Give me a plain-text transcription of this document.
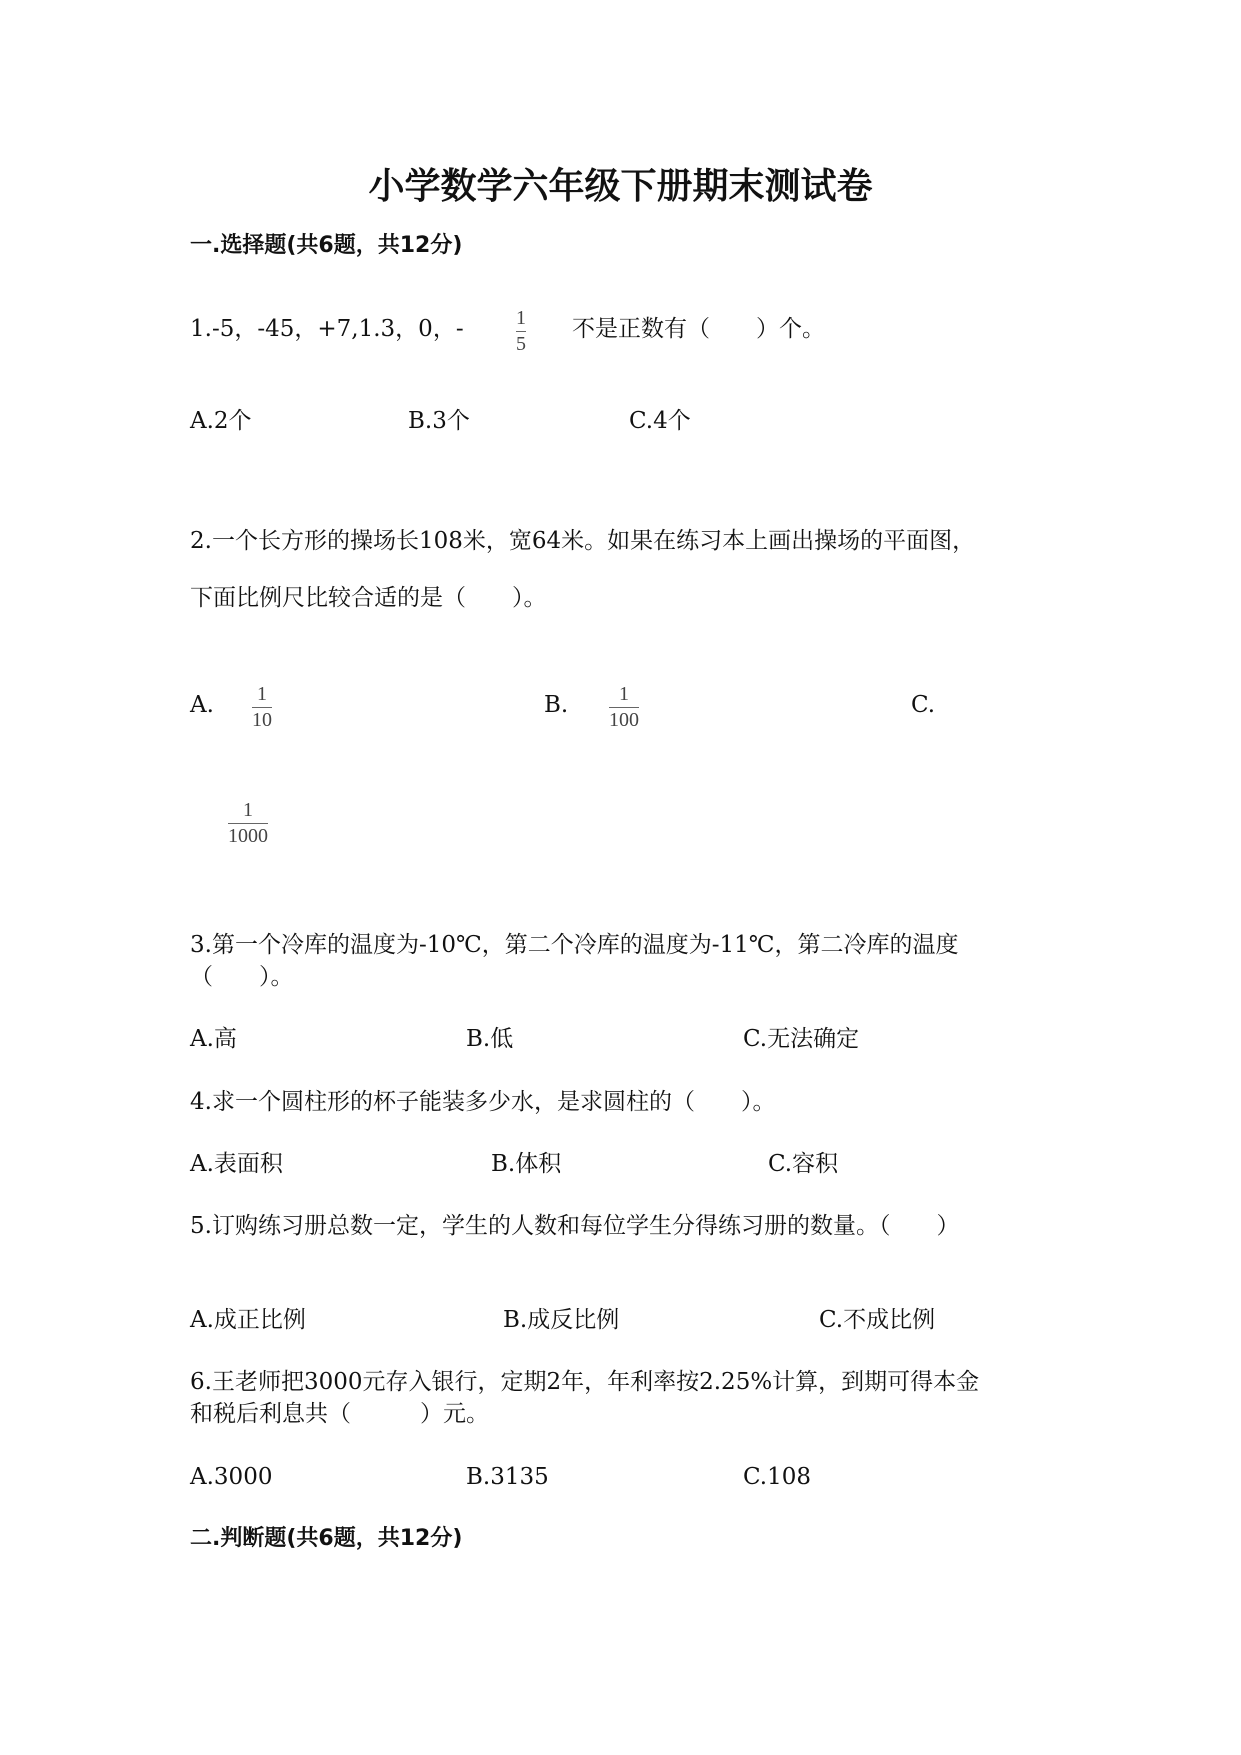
小学数学六年级下册期末测试卷
一.选择题(共6题，共12分)
1.-5，-45，+7,1.3，0，-	1
5
不是正数有（　　）个。
A.2个	B.3个	C.4个
2.一个长方形的操场长108米，宽64米。如果在练习本上画出操场的平面图，
下面比例尺比较合适的是（　　）。
A. 1
10
B.	1
100
C.
1
1000
3.第一个冷库的温度为-10℃，第二个冷库的温度为-11℃，第二冷库的温度
（　　）。
A.高	B.低	C.无法确定
4.求一个圆柱形的杯子能装多少水，是求圆柱的（　　）。
A.表面积	B.体积	C.容积
5.订购练习册总数一定，学生的人数和每位学生分得练习册的数量。（　　）
A.成正比例	B.成反比例	C.不成比例
6.王老师把3000元存入银行，定期2年，年利率按2.25%计算，到期可得本金
和税后利息共（　　　）元。
A.3000	B.3135	C.108
二.判断题(共6题，共12分)
